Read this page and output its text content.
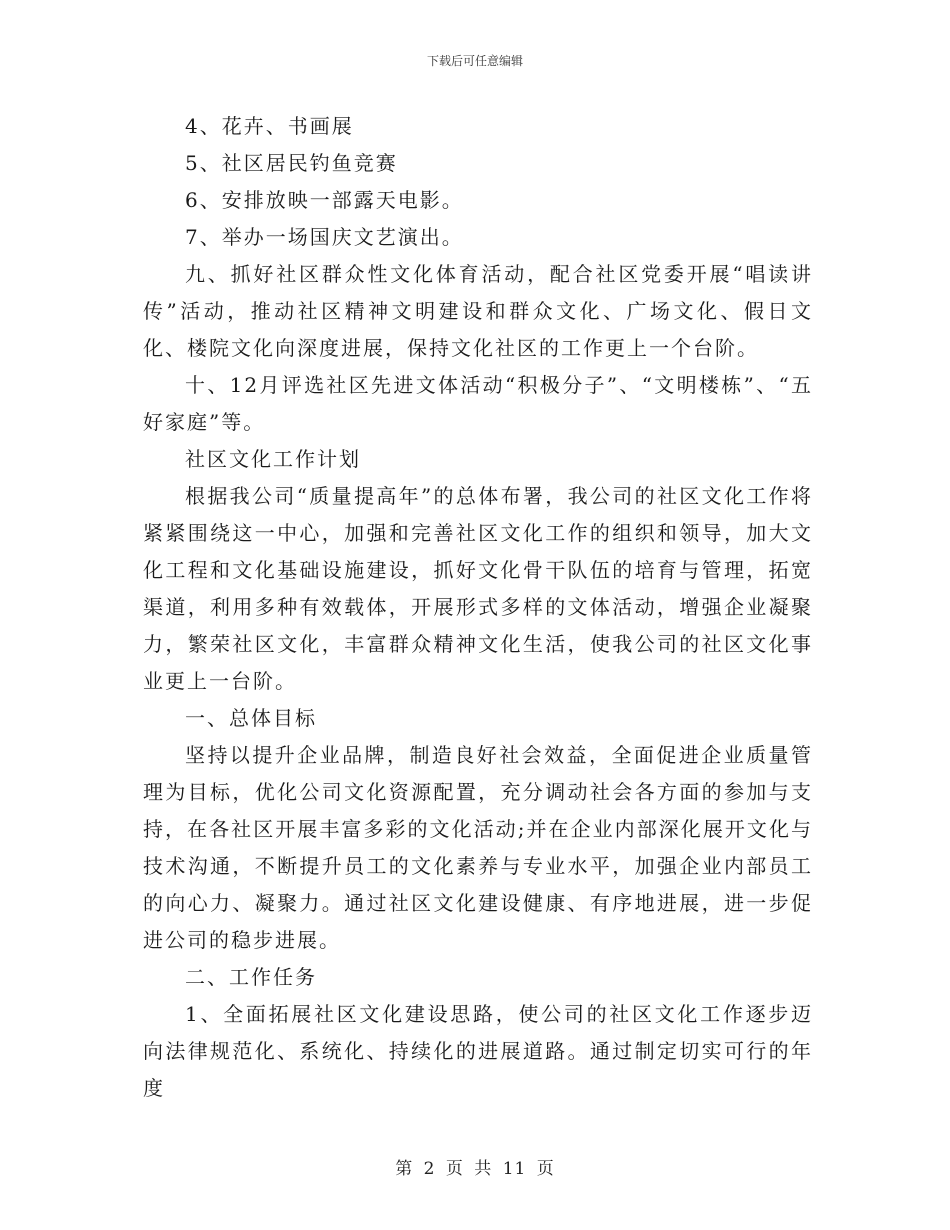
下载后可任意编辑

4、花卉、书画展

5、社区居民钓鱼竞赛

6、安排放映一部露天电影。

7、举办一场国庆文艺演出。

九、抓好社区群众性文化体育活动，配合社区党委开展“唱读讲传”活动，推动社区精神文明建设和群众文化、广场文化、假日文化、楼院文化向深度进展，保持文化社区的工作更上一个台阶。

十、12月评选社区先进文体活动“积极分子”、“文明楼栋”、“五好家庭”等。

社区文化工作计划

根据我公司“质量提高年”的总体布署，我公司的社区文化工作将紧紧围绕这一中心，加强和完善社区文化工作的组织和领导，加大文化工程和文化基础设施建设，抓好文化骨干队伍的培育与管理，拓宽渠道，利用多种有效载体，开展形式多样的文体活动，增强企业凝聚力，繁荣社区文化，丰富群众精神文化生活，使我公司的社区文化事业更上一台阶。

一、总体目标

坚持以提升企业品牌，制造良好社会效益，全面促进企业质量管理为目标，优化公司文化资源配置，充分调动社会各方面的参加与支持，在各社区开展丰富多彩的文化活动;并在企业内部深化展开文化与技术沟通，不断提升员工的文化素养与专业水平，加强企业内部员工的向心力、凝聚力。通过社区文化建设健康、有序地进展，进一步促进公司的稳步进展。

二、工作任务

1、全面拓展社区文化建设思路，使公司的社区文化工作逐步迈向法律规范化、系统化、持续化的进展道路。通过制定切实可行的年度

第 2 页 共 11 页
